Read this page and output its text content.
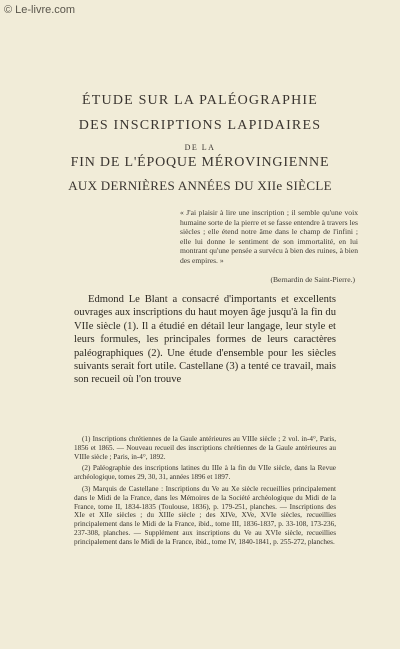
© Le-livre.com
ÉTUDE SUR LA PALÉOGRAPHIE
DES INSCRIPTIONS LAPIDAIRES
DE LA
FIN DE L'ÉPOQUE MÉROVINGIENNE
AUX DERNIÈRES ANNÉES DU XIIe SIÈCLE
« J'ai plaisir à lire une inscription ; il semble qu'une voix humaine sorte de la pierre et se fasse entendre à travers les siècles ; elle étend notre âme dans le champ de l'infini ; elle lui donne le sentiment de son immortalité, en lui montrant qu'une pensée a survécu à bien des ruines, à bien des empires. »
(Bernardin de Saint-Pierre.)
Edmond Le Blant a consacré d'importants et excellents ouvrages aux inscriptions du haut moyen âge jusqu'à la fin du VIIe siècle (1). Il a étudié en détail leur langage, leur style et leurs formules, les principales formes de leurs caractères paléographiques (2). Une étude d'ensemble pour les siècles suivants serait fort utile. Castellane (3) a tenté ce travail, mais son recueil où l'on trouve

(1) Inscriptions chrétiennes de la Gaule antérieures au VIIIe siècle ; 2 vol. in-4°, Paris, 1856 et 1865. — Nouveau recueil des inscriptions chrétiennes de la Gaule antérieures au VIIIe siècle ; Paris, in-4°, 1892.

(2) Paléographie des inscriptions latines du IIIe à la fin du VIIe siècle, dans la Revue archéologique, tomes 29, 30, 31, années 1896 et 1897.

(3) Marquis de Castellane : Inscriptions du Ve au Xe siècle recueillies principalement dans le Midi de la France, dans les Mémoires de la Société archéologique du Midi de la France, tome II, 1834-1835 (Toulouse, 1836), p. 179-251, planches. — Inscriptions des XIe et XIIe siècles ; du XIIIe siècle ; des XIVe, XVe, XVIe siècles, recueillies principalement dans le Midi de la France, ibid., tome III, 1836-1837, p. 33-108, 173-236, 237-308, planches. — Supplément aux inscriptions du Ve au XVIe siècle, recueillies principalement dans le Midi de la France, ibid., tome IV, 1840-1841, p. 255-272, planches.
